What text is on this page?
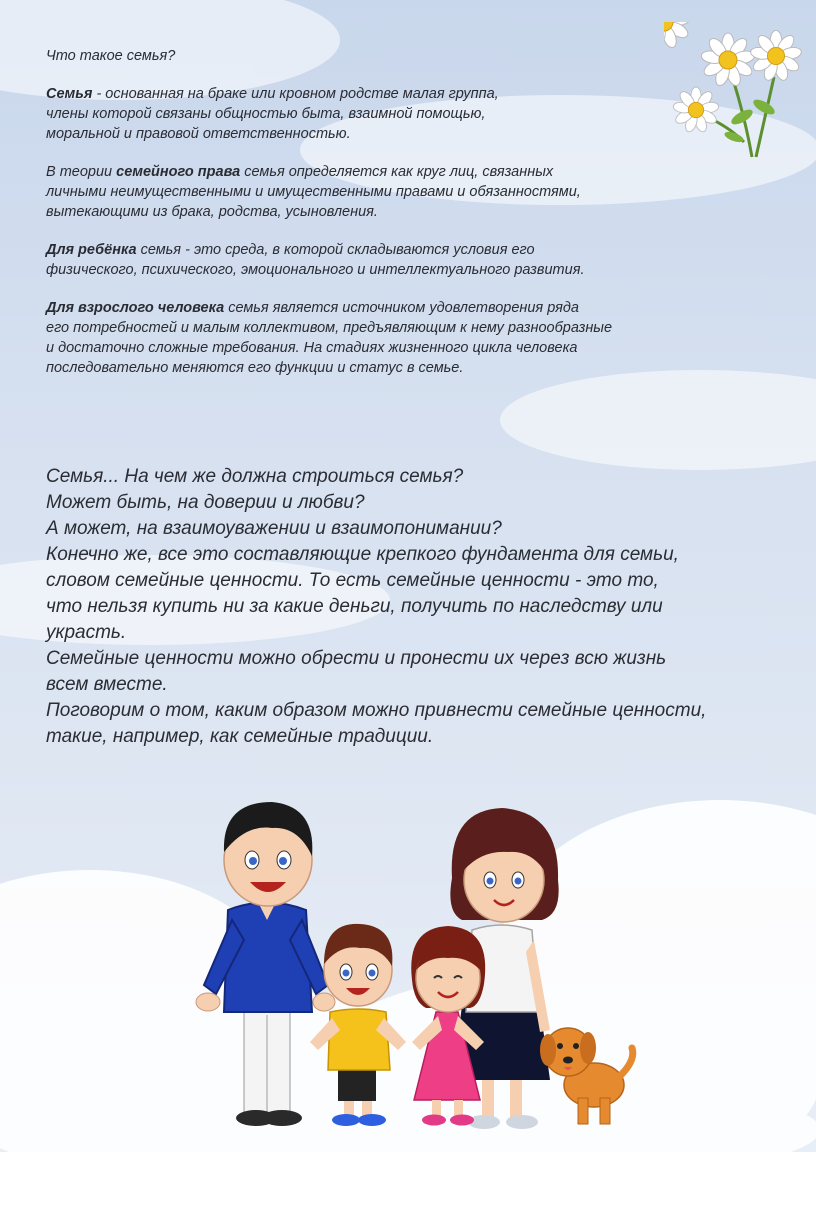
Что такое семья?

Семья - основанная на браке или кровном родстве малая группа,
члены которой связаны общностью быта, взаимной помощью,
моральной и правовой ответственностью.

В теории семейного права семья определяется как круг лиц, связанных
личными неимущественными и имущественными правами и обязанностями,
вытекающими из брака, родства, усыновления.

Для ребёнка семья - это среда, в которой складываются условия его
физического, психического, эмоционального и интеллектуального развития.

Для взрослого человека семья является источником удовлетворения ряда
его потребностей и малым коллективом, предъявляющим к нему разнообразные
и достаточно сложные требования. На стадиях жизненного цикла человека
последовательно меняются его функции и статус в семье.

Семья... На чем же должна строиться семья?
Может быть, на доверии и любви?
А может, на взаимоуважении и взаимопонимании?
Конечно же, все это составляющие крепкого фундамента для семьи,
словом семейные ценности. То есть семейные ценности - это то,
что нельзя купить ни за какие деньги, получить по наследству или
украсть.
Семейные ценности можно обрести и пронести их через всю жизнь
всем вместе.
Поговорим о том, каким образом можно привнести семейные ценности,
такие, например, как семейные традиции.
